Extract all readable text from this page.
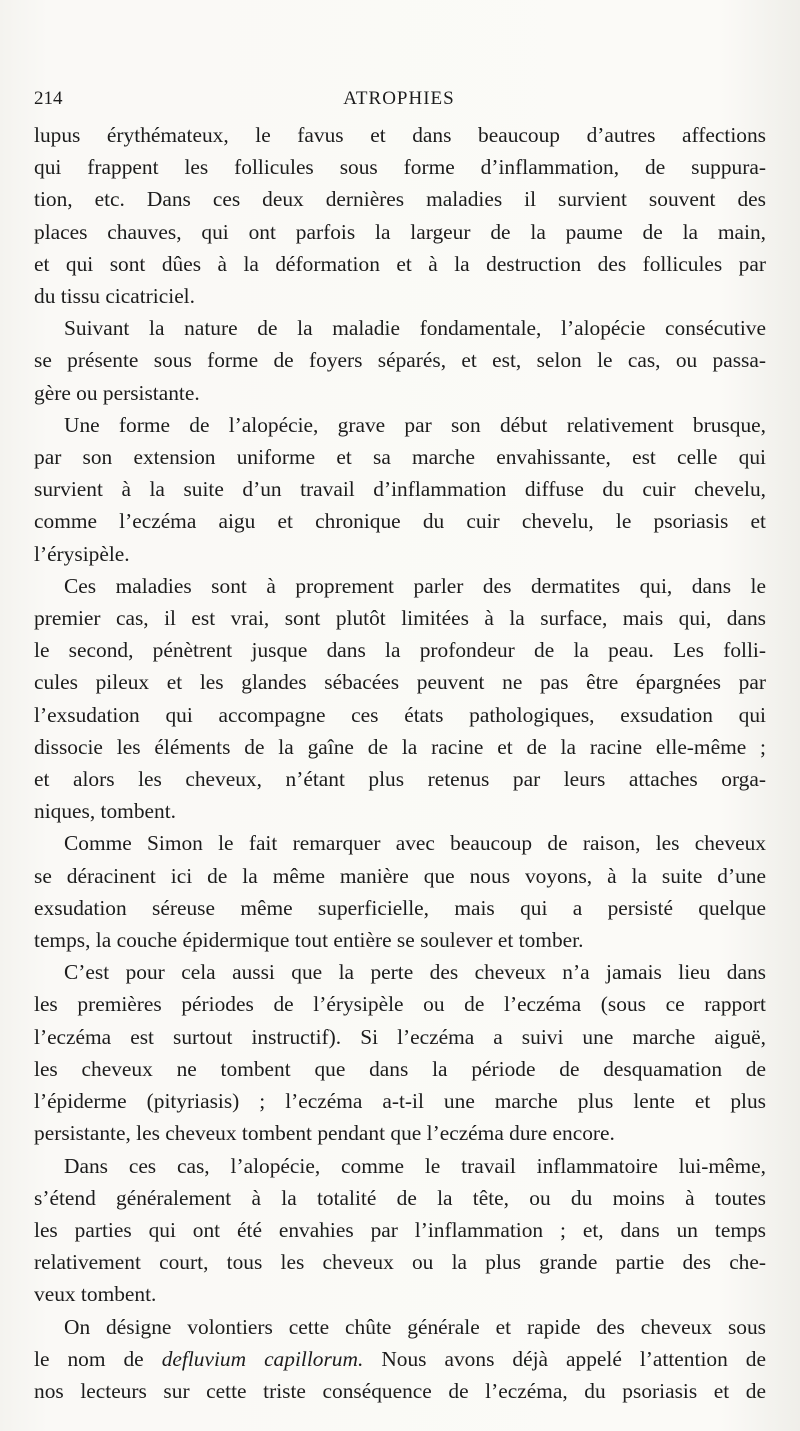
214	ATROPHIES
lupus érythémateux, le favus et dans beaucoup d’autres affections
qui frappent les follicules sous forme d’inflammation, de suppura-
tion, etc. Dans ces deux dernières maladies il survient souvent des
places chauves, qui ont parfois la largeur de la paume de la main,
et qui sont dûes à la déformation et à la destruction des follicules par
du tissu cicatriciel.
Suivant la nature de la maladie fondamentale, l’alopécie consécutive
se présente sous forme de foyers séparés, et est, selon le cas, ou passa-
gère ou persistante.
Une forme de l’alopécie, grave par son début relativement brusque,
par son extension uniforme et sa marche envahissante, est celle qui
survient à la suite d’un travail d’inflammation diffuse du cuir chevelu,
comme l’eczéma aigu et chronique du cuir chevelu, le psoriasis et
l’érysipèle.
Ces maladies sont à proprement parler des dermatites qui, dans le
premier cas, il est vrai, sont plutôt limitées à la surface, mais qui, dans
le second, pénètrent jusque dans la profondeur de la peau. Les folli-
cules pileux et les glandes sébacées peuvent ne pas être épargnées par
l’exsudation qui accompagne ces états pathologiques, exsudation qui
dissocie les éléments de la gaîne de la racine et de la racine elle-même ;
et alors les cheveux, n’étant plus retenus par leurs attaches orga-
niques, tombent.
Comme Simon le fait remarquer avec beaucoup de raison, les cheveux
se déracinent ici de la même manière que nous voyons, à la suite d’une
exsudation séreuse même superficielle, mais qui a persisté quelque
temps, la couche épidermique tout entière se soulever et tomber.
C’est pour cela aussi que la perte des cheveux n’a jamais lieu dans
les premières périodes de l’érysipèle ou de l’eczéma (sous ce rapport
l’eczéma est surtout instructif). Si l’eczéma a suivi une marche aiguë,
les cheveux ne tombent que dans la période de desquamation de
l’épiderme (pityriasis) ; l’eczéma a-t-il une marche plus lente et plus
persistante, les cheveux tombent pendant que l’eczéma dure encore.
Dans ces cas, l’alopécie, comme le travail inflammatoire lui-même,
s’étend généralement à la totalité de la tête, ou du moins à toutes
les parties qui ont été envahies par l’inflammation ; et, dans un temps
relativement court, tous les cheveux ou la plus grande partie des che-
veux tombent.
On désigne volontiers cette chûte générale et rapide des cheveux sous
le nom de defluvium capillorum. Nous avons déjà appelé l’attention de
nos lecteurs sur cette triste conséquence de l’eczéma, du psoriasis et de
